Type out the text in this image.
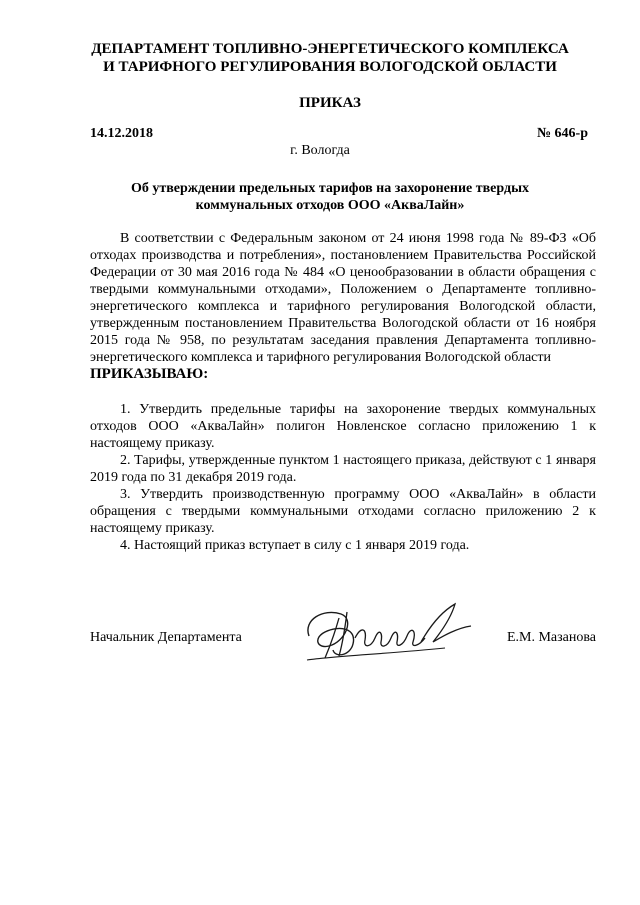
ДЕПАРТАМЕНТ ТОПЛИВНО-ЭНЕРГЕТИЧЕСКОГО КОМПЛЕКСА
И ТАРИФНОГО РЕГУЛИРОВАНИЯ ВОЛОГОДСКОЙ ОБЛАСТИ
ПРИКАЗ
14.12.2018	№ 646-р
г. Вологда
Об утверждении предельных тарифов на захоронение твердых
коммунальных отходов ООО «АкваЛайн»

В соответствии с Федеральным законом от 24 июня 1998 года № 89-ФЗ «Об отходах производства и потребления», постановлением Правительства Российской Федерации от 30 мая 2016 года № 484 «О ценообразовании в области обращения с твердыми коммунальными отходами», Положением о Департаменте топливно-энергетического комплекса и тарифного регулирования Вологодской области, утвержденным постановлением Правительства Вологодской области от 16 ноября 2015 года № 958, по результатам заседания правления Департамента топливно-энергетического комплекса и тарифного регулирования Вологодской области

ПРИКАЗЫВАЮ:

1. Утвердить предельные тарифы на захоронение твердых коммунальных отходов ООО «АкваЛайн» полигон Новленское согласно приложению 1 к настоящему приказу.

2. Тарифы, утвержденные пунктом 1 настоящего приказа, действуют с 1 января 2019 года по 31 декабря 2019 года.

3. Утвердить производственную программу ООО «АкваЛайн» в области обращения с твердыми коммунальными отходами согласно приложению 2 к настоящему приказу.

4. Настоящий приказ вступает в силу с 1 января 2019 года.

Начальник Департамента	Е.М. Мазанова
